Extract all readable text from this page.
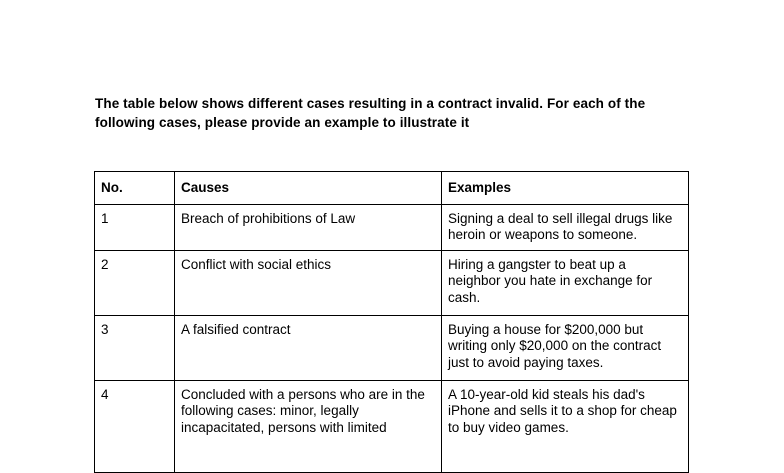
The table below shows different cases resulting in a contract invalid. For each of the following cases, please provide an example to illustrate it
No.	Causes	Examples
1	Breach of prohibitions of Law	Signing a deal to sell illegal drugs like heroin or weapons to someone.
2	Conflict with social ethics	Hiring a gangster to beat up a neighbor you hate in exchange for cash.
3	A falsified contract	Buying a house for $200,000 but writing only $20,000 on the contract just to avoid paying taxes.
4	Concluded with a persons who are in the following cases: minor, legally incapacitated, persons with limited	A 10-year-old kid steals his dad's iPhone and sells it to a shop for cheap to buy video games.
